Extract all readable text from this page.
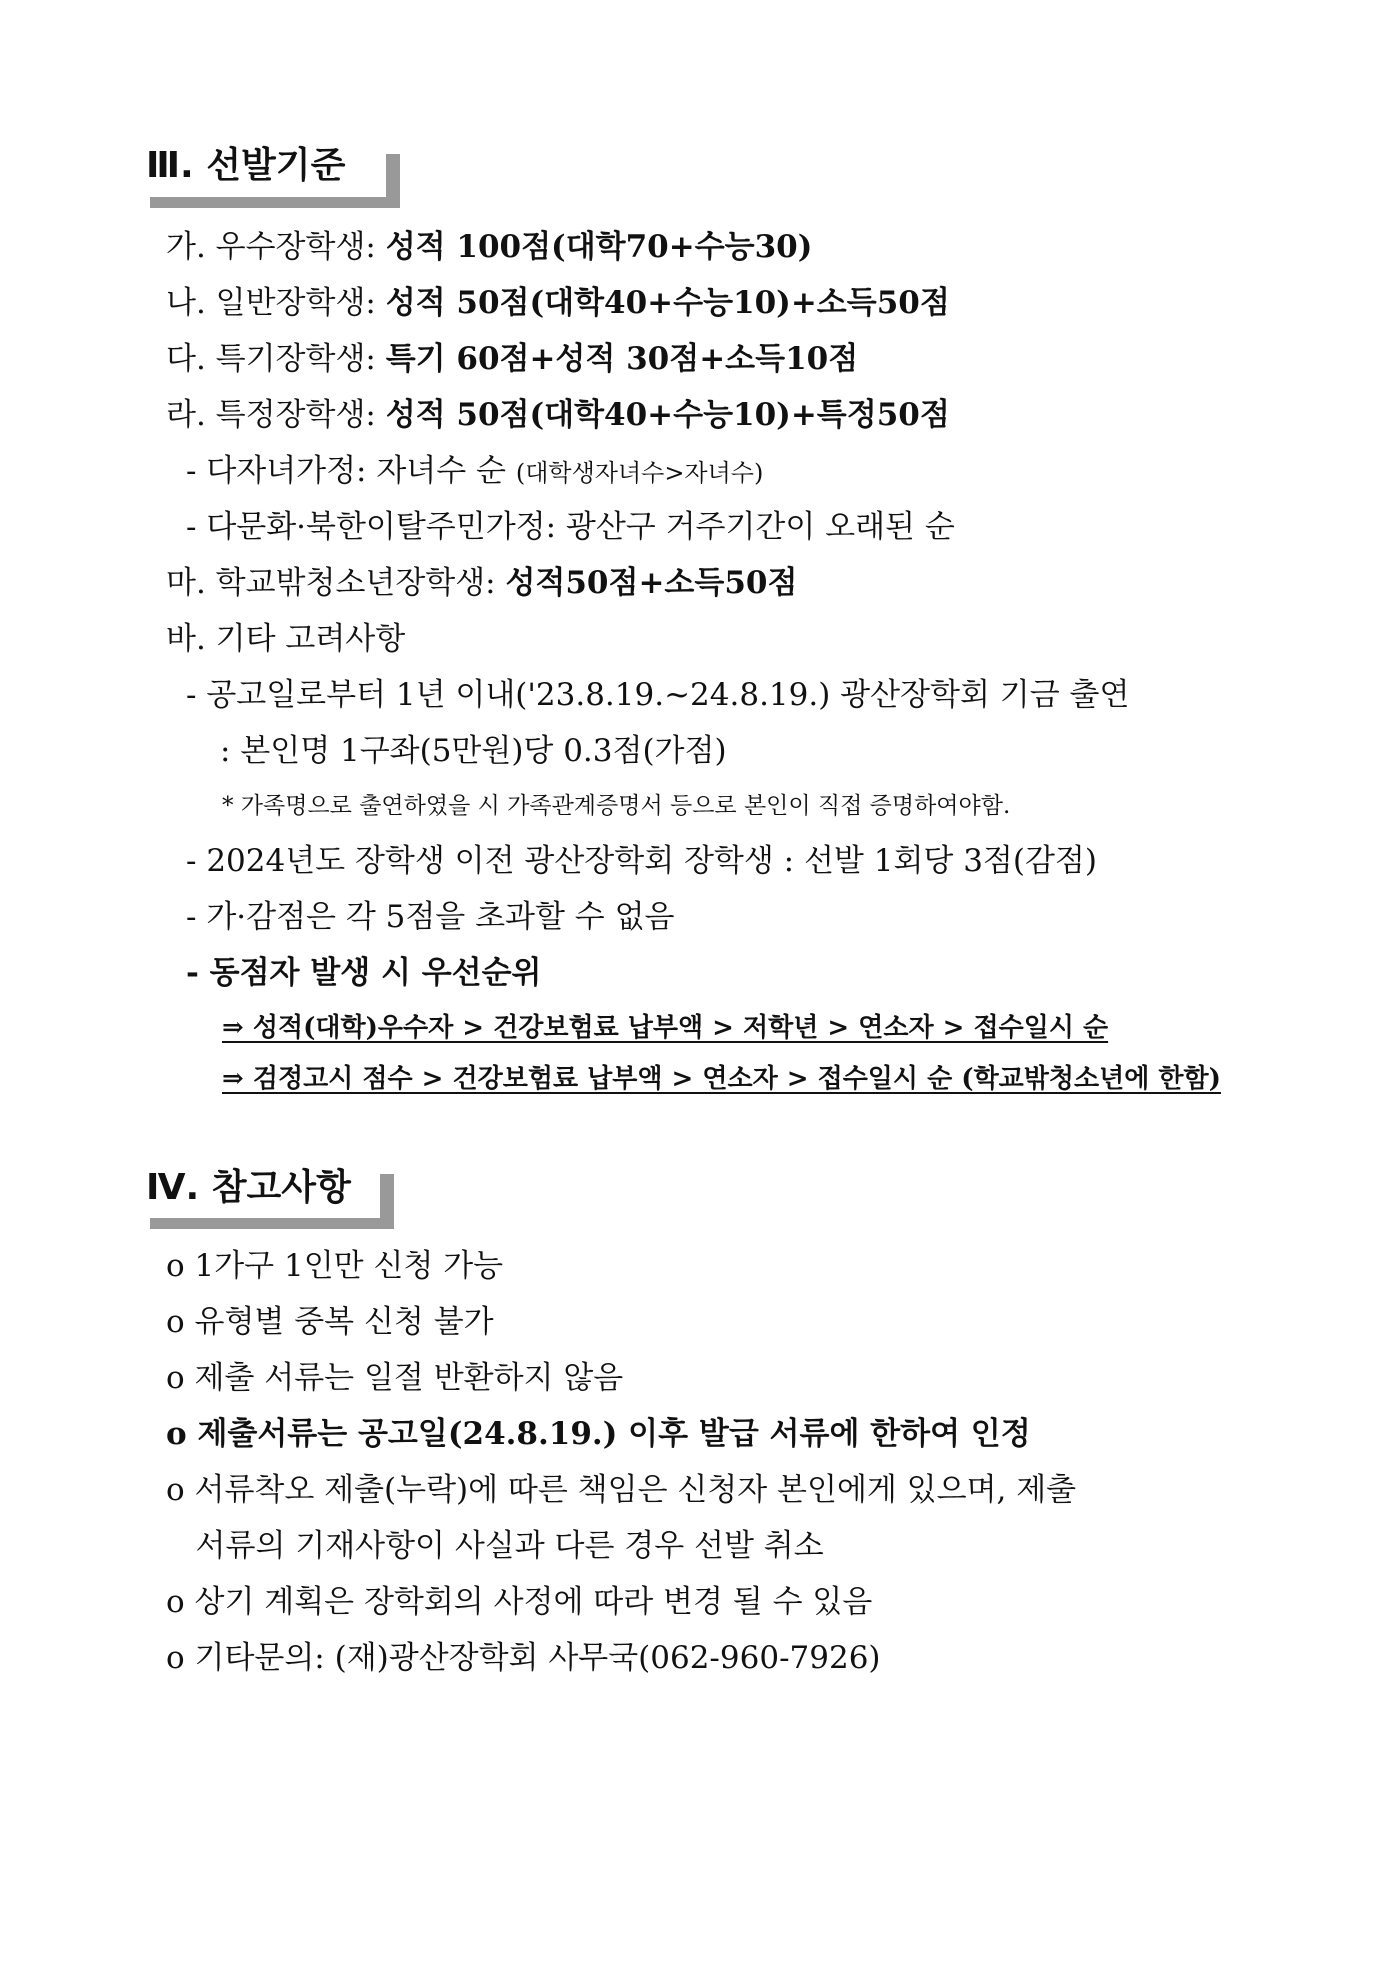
Ⅲ. 선발기준
가. 우수장학생: 성적 100점(대학70+수능30)
나. 일반장학생: 성적 50점(대학40+수능10)+소득50점
다. 특기장학생: 특기 60점+성적 30점+소득10점
라. 특정장학생: 성적 50점(대학40+수능10)+특정50점
- 다자녀가정: 자녀수 순 (대학생자녀수>자녀수)
- 다문화·북한이탈주민가정: 광산구 거주기간이 오래된 순
마. 학교밖청소년장학생: 성적50점+소득50점
바. 기타 고려사항
- 공고일로부터 1년 이내('23.8.19.~24.8.19.) 광산장학회 기금 출연
: 본인명 1구좌(5만원)당 0.3점(가점)
* 가족명으로 출연하였을 시 가족관계증명서 등으로 본인이 직접 증명하여야함.
- 2024년도 장학생 이전 광산장학회 장학생 : 선발 1회당 3점(감점)
- 가·감점은 각 5점을 초과할 수 없음
- 동점자 발생 시 우선순위
⇒ 성적(대학)우수자 > 건강보험료 납부액 > 저학년 > 연소자 > 접수일시 순
⇒ 검정고시 점수 > 건강보험료 납부액 > 연소자 > 접수일시 순 (학교밖청소년에 한함)
Ⅳ. 참고사항
o 1가구 1인만 신청 가능
o 유형별 중복 신청 불가
o 제출 서류는 일절 반환하지 않음
o 제출서류는 공고일(24.8.19.) 이후 발급 서류에 한하여 인정
o 서류착오 제출(누락)에 따른 책임은 신청자 본인에게 있으며, 제출
서류의 기재사항이 사실과 다른 경우 선발 취소
o 상기 계획은 장학회의 사정에 따라 변경 될 수 있음
o 기타문의: (재)광산장학회 사무국(062-960-7926)
